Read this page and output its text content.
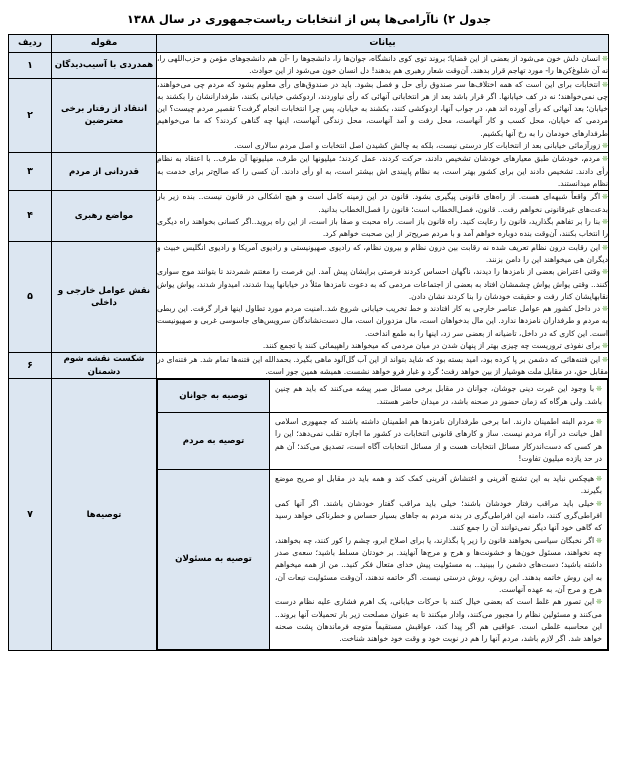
جدول ۲) ناآرامی‌ها پس از انتخابات ریاست‌جمهوری در سال ۱۳۸۸
بیانات	مقوله	ردیف

❊انسان دلش خون می‌شود از بعضی از این قضایا؛ بروند توی کوی دانشگاه، جوان‌ها را، دانشجوها را -آن هم دانشجوهای مؤمن و حزب‌اللهی را، نه آن شلوغ‌کن‌ها را- مورد تهاجم قرار بدهند. آن‌وقت شعار رهبری هم بدهند! دل انسان خون می‌شود از این حوادث.

	همدردی با آسیب‌دیدگان	۱

❊انتخابات برای این است که همه اختلاف‌ها سر صندوق رأی حل و فصل بشود. باید در صندوق‌های رأی معلوم بشود که مردم چی می‌خواهند، چی نمی‌خواهند؛ نه در کف خیابانها. اگر قرار باشد بعد از هر انتخاباتی آنهائی که رأی نیاوردند، اردوکشی خیابانی بکنند، طرفدارانشان را بکشند به خیابان؛ بعد آنهائی که رأی آورده اند هم، در جواب آنها، اردوکشی کنند، بکشند به خیابان، پس چرا انتخابات انجام گرفت؟ تقصیر مردم چیست؟ این مردمی که خیابان، محل کسب و کار آنهاست، محل رفت و آمد آنهاست، محل زندگی آنهاست، اینها چه گناهی کردند؟ که ما می‌خواهیم طرفدارهای خودمان را به رخ آنها بکشیم.

❊زورآزمائی خیابانی بعد از انتخابات کار درستی نیست، بلکه به چالش کشیدن اصل انتخابات و اصل مردم سالاری است.

	انتقاد از رفتار برخی معترضین	۲

❊مردم، خودشان طبق معیارهای خودشان تشخیص دادند، حرکت کردند، عمل کردند؛ میلیونها این طرف، میلیونها آن طرف.. با اعتقاد به نظام رأی دادند. تشخیص دادند این برای کشور بهتر است، به نظام پایبندی اش بیشتر است، به او رأی دادند. آن کسی را که صالح‌تر برای خدمت به نظام میدانستند.

	قدردانی از مردم	۳

❊اگر واقعاً شبهه‌ای هست. از راه‌های قانونی پیگیری بشود. قانون در این زمینه کامل است و هیچ اشکالی در قانون نیست.. بنده زیر بار بدعت‌های غیرقانونی نخواهم رفت.. قانون، فصل‌الخطاب است؛ قانون را فصل‌الخطاب بدانید.

❊بنا را بر تفاهم بگذارید، قانون را رعایت کنید. راه قانون باز است. راه محبت و صفا باز است، از این راه بروید..اگر کسانی بخواهند راه دیگری را انتخاب بکنند، آن‌وقت بنده دوباره خواهم آمد و با مردم صریح‌تر از این صحبت خواهم کرد.

	مواضع رهبری	۴

❊این رقابت درون نظام تعریف شده نه رقابت بین درون نظام و بیرون نظام، که رادیوی صهیونیستی و رادیوی آمریکا و رادیوی انگلیس خبیث و دیگران هی میخواهند این را دامن بزنند.

❊وقتی اعتراض بعضی از نامزدها را دیدند، ناگهان احساس کردند فرصتی برایشان پیش آمد. این فرصت را مغتنم شمردند تا بتوانند موج سواری کنند.. وقتی یواش یواش چشمشان افتاد به بعضی از اجتماعات مردمی که به دعوت نامزدها مثلاً در خیابانها پیدا شدند، امیدوار شدند، یواش یواش نقابهایشان کنار رفت و حقیقت خودشان را بنا کردند نشان دادن.

❊در داخل کشور هم عوامل عناصر خارجی به کار افتادند و خط تخریب خیابانی شروع شد..امنیت مردم مورد تطاول اینها قرار گرفت. این ربطی به مردم و طرفداران نامزدها ندارد. این مال بدخواهان است، مال مزدوران است، مال دست‌نشاندگان سرویس‌های جاسوسی غربی و صهیونیست است. این کاری که در داخل، تاضیانه از بعضی سر زد، اینها را به طمع انداخت.

❊برای نفوذی تروریست چه چیزی بهتر از پنهان شدن در میان مردمی که میخواهند راهپیمائی کنند یا تجمع کنند.

	نقش عوامل خارجی و داخلی	۵

❊این فتنه‌هائی که دشمن بر پا کرده بود، امید بسته بود که شاید بتواند از این آب گل‌آلود ماهی بگیرد. بحمدالله این فتنه‌ها تمام شد. هر فتنه‌ای در مقابل حق، در مقابل ملت هوشیار از بین خواهد رفت؛ گرد و غبار فرو خواهد نشست. همیشه همین جور است.

	شکست نقشه شوم دشمنان	۶

❊با وجود این غیرت دینی جوشان، جوانان در مقابل برخی مسائل صبر پیشه می‌کنند که باید هم چنین باشد. ولی هرگاه که زمان حضور در صحنه باشد، در میدان حاضر هستند.

	توصیه به جوانان

❊مردم البته اطمینان دارند. اما برخی طرفداران نامزدها هم اطمینان داشته باشند که جمهوری اسلامی اهل خیانت در آراء مردم نیست. ساز و کارهای قانونی انتخابات در کشور ما اجازه تقلب نمی‌دهد؛ این را هر کسی که دست‌اندرکار مسائل انتخابات هست و از مسائل انتخابات آگاه است، تصدیق می‌کند؛ آن هم در حد یازده میلیون تفاوت!

	توصیه به مردم

❊هیچکس نباید به این تشنج آفرینی و اغتشاش آفرینی کمک کند و همه باید در مقابل او صریح موضع بگیرند.

❊خیلی باید مراقب رفتار خودشان باشند؛ خیلی باید مراقب گفتار خودشان باشند. اگر آنها کمی افراطی‌گری کنند، دامنه این افراطی‌گری در بدنه مردم به جاهای بسیار حساس و خطرناکی خواهد رسید که گاهی خود آنها دیگر نمی‌توانند آن را جمع کنند.

❊اگر نخبگان سیاسی بخواهند قانون را زیر پا بگذارند، یا برای اصلاح ابرو، چشم را کور کنند، چه بخواهند، چه نخواهند، مسئول خون‌ها و خشونت‌ها و هرج و مرج‌ها آنهایند. بر خودتان مسلط باشید؛ سعه‌ی صدر داشته باشید؛ دست‌های دشمن را ببینید.. به مسئولیت پیش خدای متعال فکر کنید.. من از همه میخواهم به این روش خاتمه بدهند. این روش، روش درستی نیست. اگر خاتمه ندهند، آن‌وقت مسئولیت تبعات آن، هرج و مرج آن، به عهده آنهاست.

❊این تصور هم غلط است که بعضی خیال کنند با حرکات خیابانی، یک اهرم فشاری علیه نظام درست می‌کنند و مسئولین نظام را مجبور می‌کنند، وادار میکنند تا به عنوان مصلحت زیر بار تحمیلات آنها بروند.. این محاسبه غلطی است. عواقبی هم اگر پیدا کند، عواقبش مستقیماً متوجه فرماندهان پشت صحنه خواهد شد. اگر لازم باشد، مردم آنها را هم در نوبت خود و وقت خود خواهند شناخت.

	توصیه به مسئولان
	توصیه‌ها	۷
